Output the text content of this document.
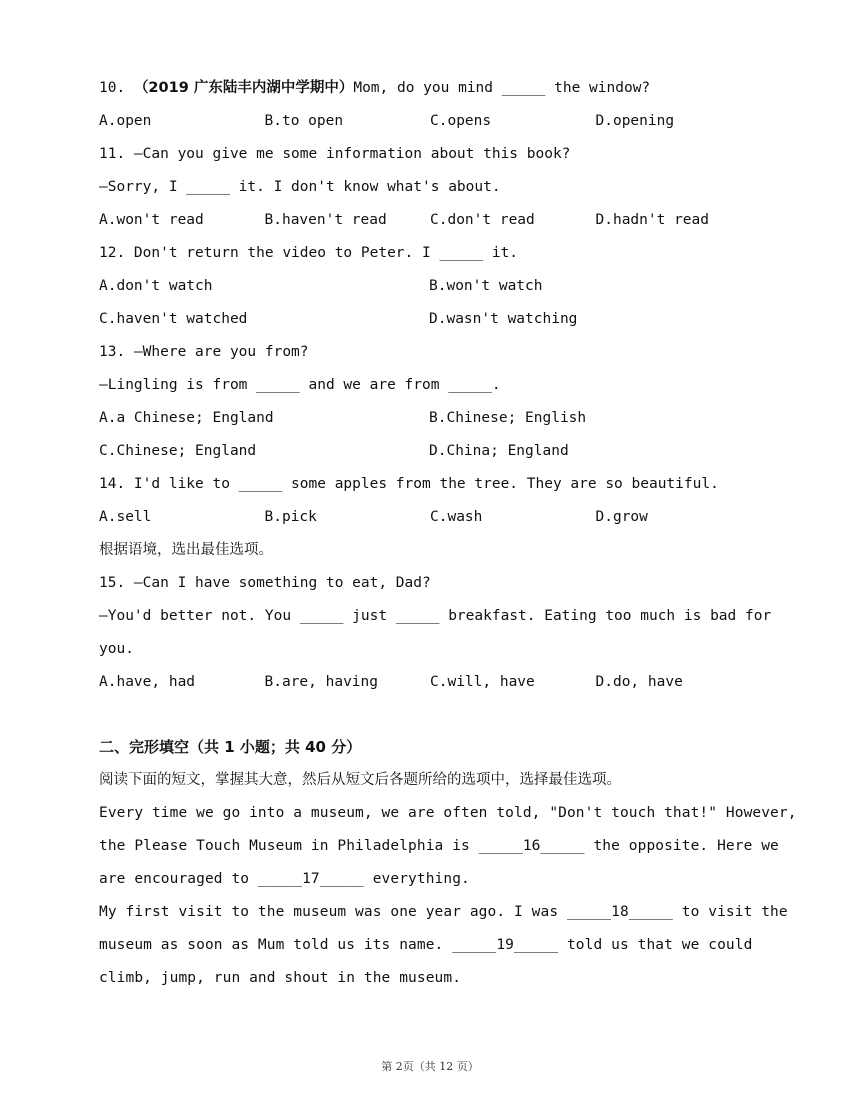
10. （2019 广东陆丰内湖中学期中）Mom, do you mind _____ the window?
A.open	B.to open	C.opens	D.opening
11. —Can you give me some information about this book?
—Sorry, I _____ it. I don't know what's about.
A.won't read	B.haven't read	C.don't read	D.hadn't read
12. Don't return the video to Peter. I _____ it.
A.don't watch	B.won't watch
C.haven't watched	D.wasn't watching
13. —Where are you from?
—Lingling is from _____ and we are from _____.
A.a Chinese; England	B.Chinese; English
C.Chinese; England	D.China; England
14. I'd like to _____ some apples from the tree. They are so beautiful.
A.sell	B.pick	C.wash	D.grow
根据语境，选出最佳选项。
15. —Can I have something to eat, Dad?
—You'd better not. You _____ just _____ breakfast. Eating too much is bad for
you.
A.have, had	B.are, having	C.will, have	D.do, have
二、完形填空（共 1 小题；共 40 分）
阅读下面的短文，掌握其大意，然后从短文后各题所给的选项中，选择最佳选项。
Every time we go into a museum, we are often told, "Don't touch that!" However,
the Please Touch Museum in Philadelphia is _____16_____ the opposite. Here we
are encouraged to _____17_____ everything.
My first visit to the museum was one year ago. I was _____18_____ to visit the
museum as soon as Mum told us its name. _____19_____ told us that we could
climb, jump, run and shout in the museum.
第 2页（共 12 页）
